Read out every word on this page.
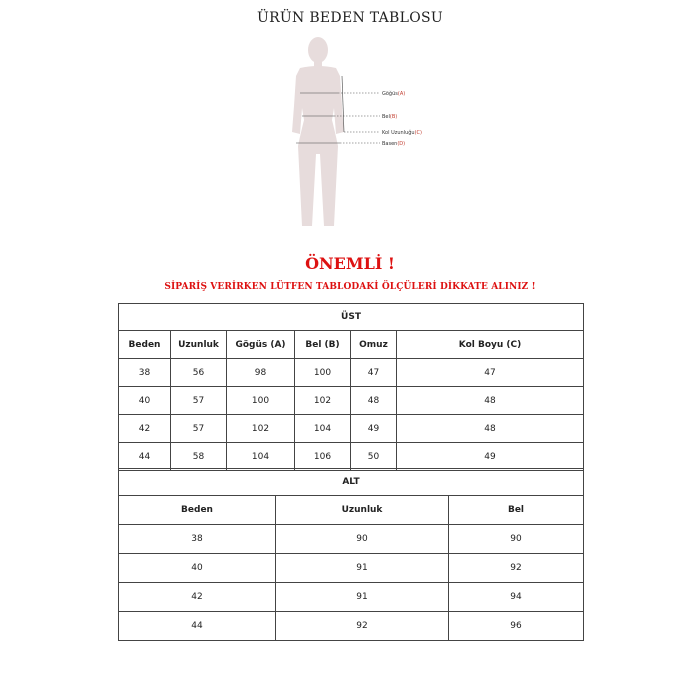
ÜRÜN BEDEN TABLOSU
Göğüs(A)
Bel(B)
Kol Uzunluğu(C)
Basen(D)
ÖNEMLİ !
SİPARİŞ VERİRKEN LÜTFEN TABLODAKİ ÖLÇÜLERİ DİKKATE ALINIZ !
ÜST					
Beden	Uzunluk	Gögüs (A)	Bel (B)	Omuz	Kol Boyu (C)
38	56	98	100	47	47
40	57	100	102	48	48
42	57	102	104	49	48
44	58	104	106	50	49
ALT		
Beden	Uzunluk	Bel
38	90	90
40	91	92
42	91	94
44	92	96
